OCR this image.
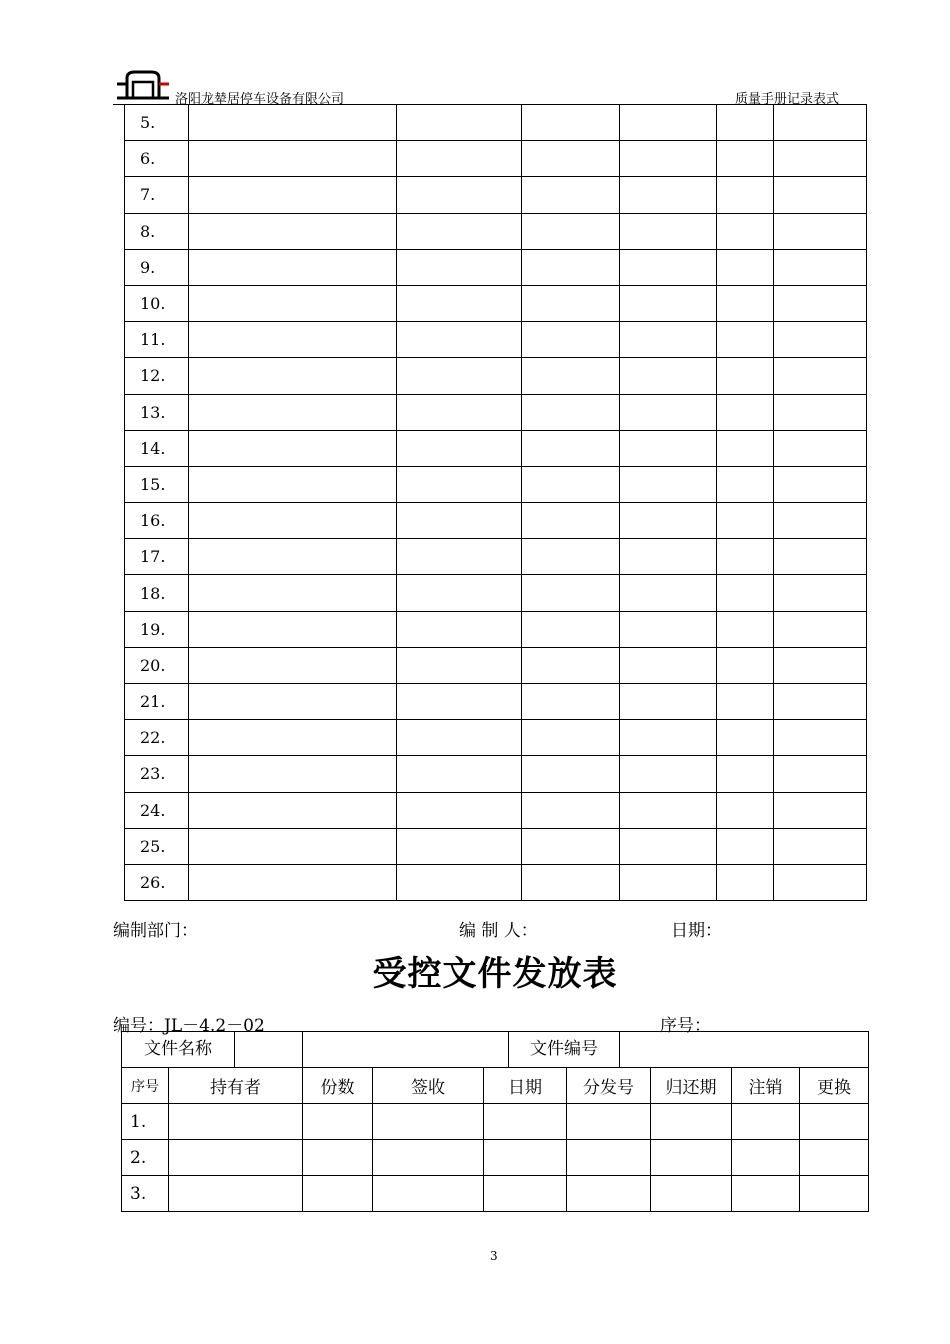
洛阳龙辇居停车设备有限公司	质量手册记录表式
5.						
6.						
7.						
8.						
9.						
10.						
11.						
12.						
13.						
14.						
15.						
16.						
17.						
18.						
19.						
20.						
21.						
22.						
23.						
24.						
25.						
26.						
编制部门：	编 制 人：	日期：
受控文件发放表
编号：JL－4.2－02	序号：
文件名称		文件编号						

序号	持有者	份数	签收	日期	分发号	归还期	注销	更换
1.								
2.								
3.								
3
